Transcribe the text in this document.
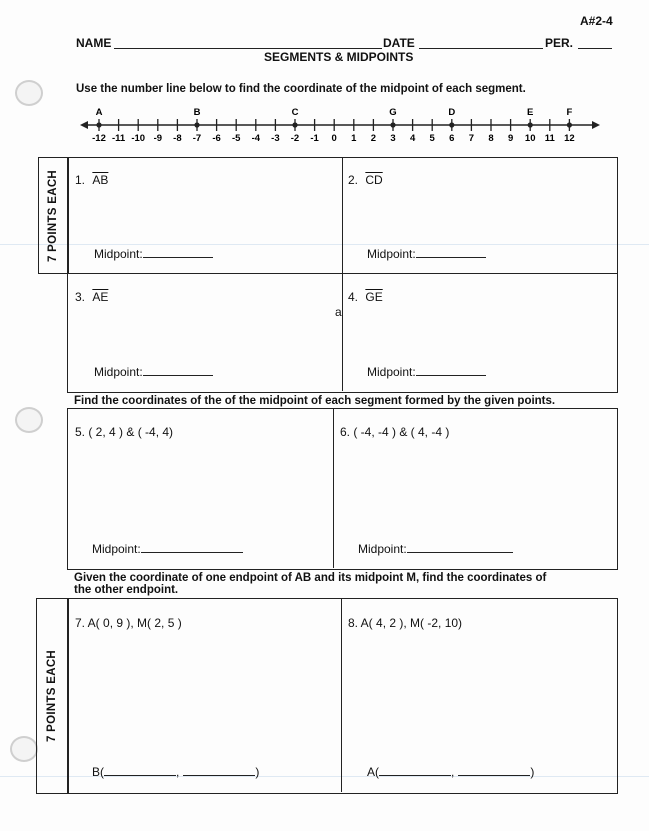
A#2-4
NAME	DATE	PER.
SEGMENTS & MIDPOINTS
Use the number line below to find the coordinate of the midpoint of each segment.
A	B	C	G	D	E	F
-12 -11 -10 -9 -8 -7 -6 -5 -4 -3 -2 -1 0 1 2 3 4 5 6 7 8 9 10 11 12
7 POINTS EACH 1. $\overline{AB}$
Midpoint:
2. $\overline{CD}$
Midpoint:
3. $\overline{AE}$
Midpoint:
4. $\overline{GE}$
a
Midpoint:
Find the coordinates of the of the midpoint of each segment formed by the given points.
5. ( 2, 4 ) & ( -4, 4)
Midpoint:
6. ( -4, -4 ) & ( 4, -4 )
Midpoint:
Given the coordinate of one endpoint of AB and its midpoint M, find the coordinates of
the other endpoint.
7 POINTS EACH
7. A( 0, 9 ), M( 2, 5 )
B(	,	)
8. A( 4, 2 ), M( -2, 10)
A(	,	)
